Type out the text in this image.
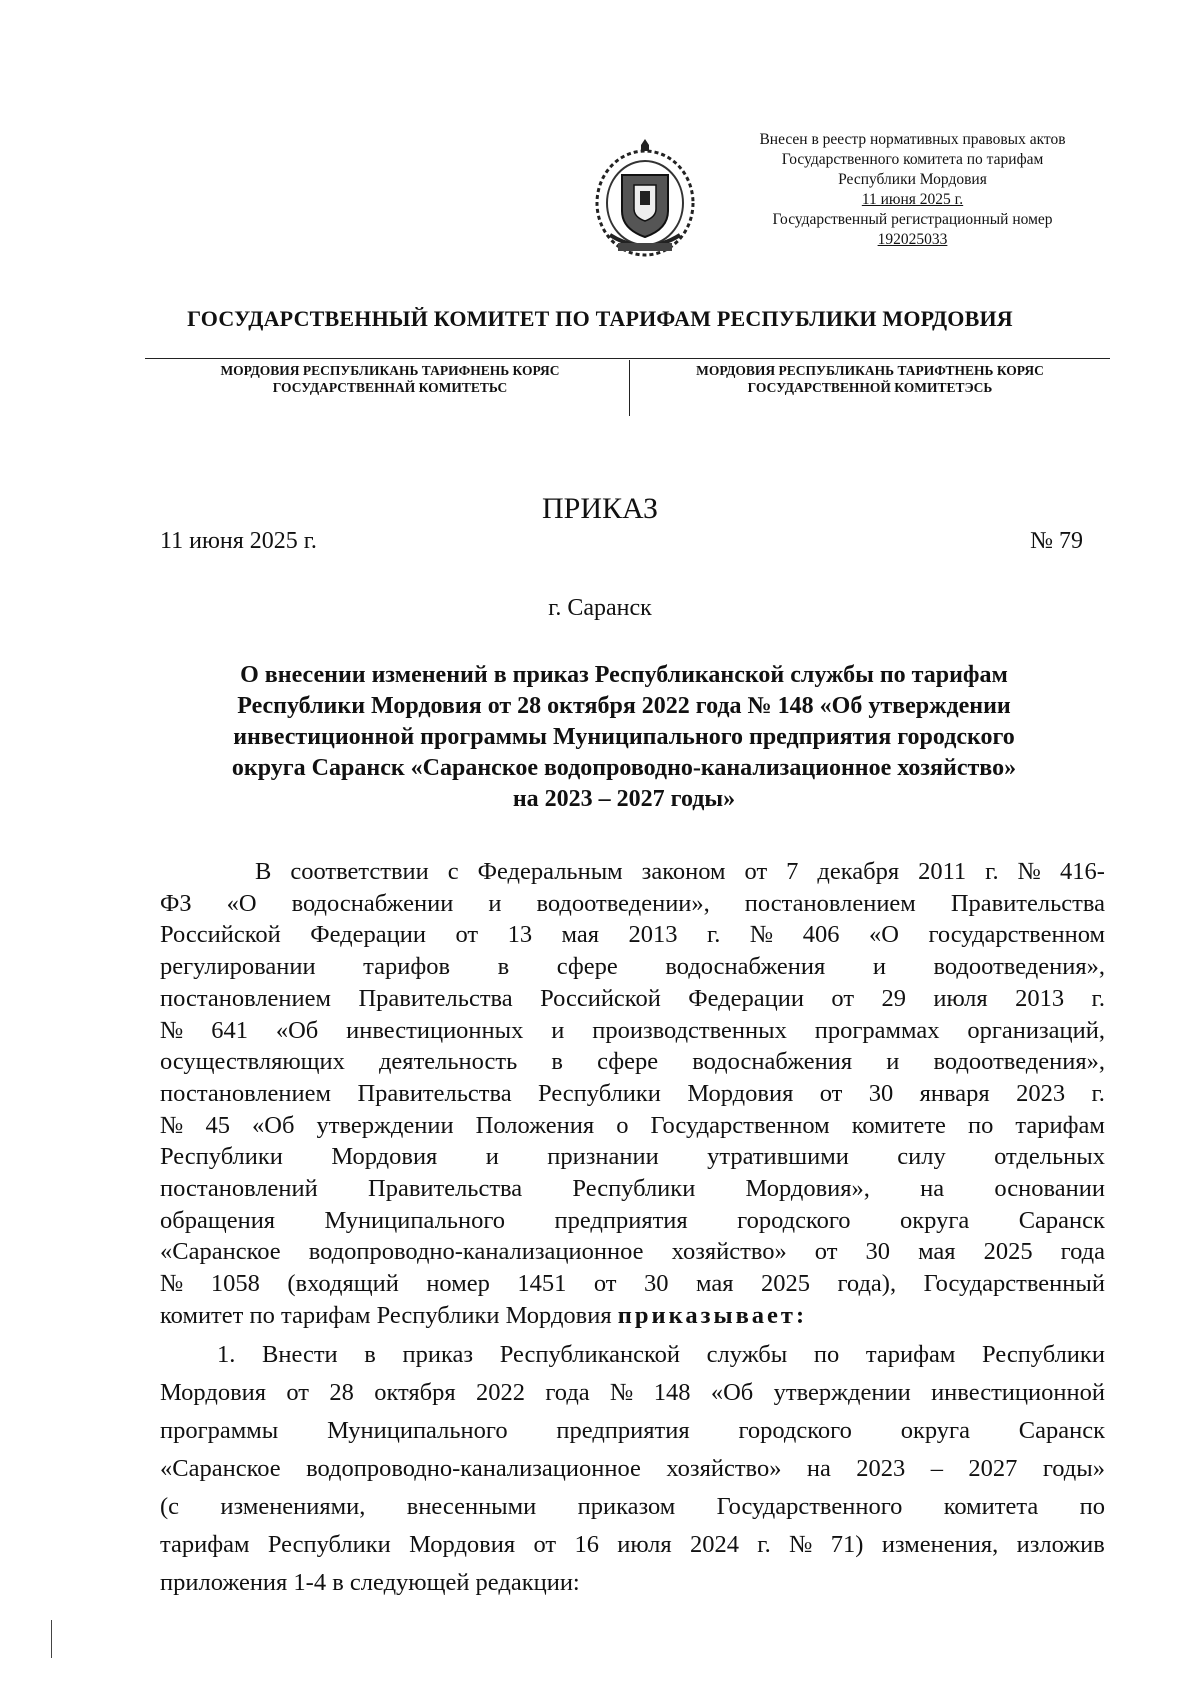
Внесен в реестр нормативных правовых актов
Государственного комитета по тарифам
Республики Мордовия
11 июня 2025 г.
Государственный регистрационный номер
192025033
ГОСУДАРСТВЕННЫЙ КОМИТЕТ ПО ТАРИФАМ РЕСПУБЛИКИ МОРДОВИЯ
МОРДОВИЯ РЕСПУБЛИКАНЬ ТАРИФНЕНЬ КОРЯС
ГОСУДАРСТВЕННАЙ КОМИТЕТЬС
МОРДОВИЯ РЕСПУБЛИКАНЬ ТАРИФТНЕНЬ КОРЯС
ГОСУДАРСТВЕННОЙ КОМИТЕТЭСЬ
ПРИКАЗ
11 июня 2025 г.	№ 79
г. Саранск
О внесении изменений в приказ Республиканской службы по тарифам
Республики Мордовия от 28 октября 2022 года № 148 «Об утверждении
инвестиционной программы Муниципального предприятия городского
округа Саранск «Саранское водопроводно-канализационное хозяйство»
на 2023 – 2027 годы»
В соответствии с Федеральным законом от 7 декабря 2011 г. № 416-
ФЗ «О водоснабжении и водоотведении», постановлением Правительства
Российской Федерации от 13 мая 2013 г. № 406 «О государственном
регулировании тарифов в сфере водоснабжения и водоотведения»,
постановлением Правительства Российской Федерации от 29 июля 2013 г.
№ 641 «Об инвестиционных и производственных программах организаций,
осуществляющих деятельность в сфере водоснабжения и водоотведения»,
постановлением Правительства Республики Мордовия от 30 января 2023 г.
№ 45 «Об утверждении Положения о Государственном комитете по тарифам
Республики Мордовия и признании утратившими силу отдельных
постановлений Правительства Республики Мордовия», на основании
обращения Муниципального предприятия городского округа Саранск
«Саранское водопроводно-канализационное хозяйство» от 30 мая 2025 года
№ 1058 (входящий номер 1451 от 30 мая 2025 года), Государственный
комитет по тарифам Республики Мордовия
приказывает:
1. Внести в приказ Республиканской службы по тарифам Республики
Мордовия от 28 октября 2022 года № 148 «Об утверждении инвестиционной
программы Муниципального предприятия городского округа Саранск
«Саранское водопроводно-канализационное хозяйство» на 2023 – 2027 годы»
(с изменениями, внесенными приказом Государственного комитета по
тарифам Республики Мордовия от 16 июля 2024 г. № 71) изменения, изложив
приложения 1-4 в следующей редакции:
